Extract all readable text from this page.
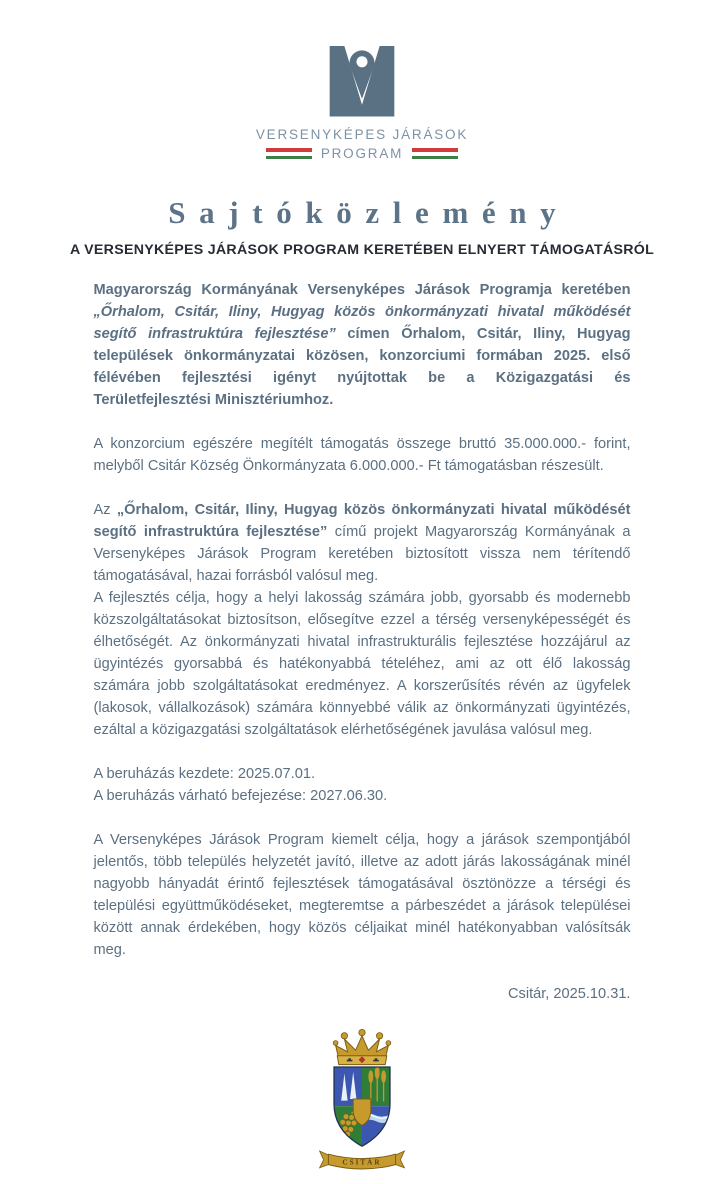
VERSENYKÉPES JÁRÁSOK
PROGRAM
Sajtóközlemény
A VERSENYKÉPES JÁRÁSOK PROGRAM KERETÉBEN ELNYERT TÁMOGATÁSRÓL

Magyarország Kormányának Versenyképes Járások Programja keretében „Őrhalom, Csitár, Iliny, Hugyag közös önkormányzati hivatal működését segítő infrastruktúra fejlesztése” címen Őrhalom, Csitár, Iliny, Hugyag települések önkormányzatai közösen, konzorciumi formában 2025. első félévében fejlesztési igényt nyújtottak be a Közigazgatási és Területfejlesztési Minisztériumhoz.

A konzorcium egészére megítélt támogatás összege bruttó 35.000.000.- forint, melyből Csitár Község Önkormányzata 6.000.000.- Ft támogatásban részesült.

Az „Őrhalom, Csitár, Iliny, Hugyag közös önkormányzati hivatal működését segítő infrastruktúra fejlesztése” című projekt Magyarország Kormányának a Versenyképes Járások Program keretében biztosított vissza nem térítendő támogatásával, hazai forrásból valósul meg.

A fejlesztés célja, hogy a helyi lakosság számára jobb, gyorsabb és modernebb közszolgáltatásokat biztosítson, elősegítve ezzel a térség versenyképességét és élhetőségét. Az önkormányzati hivatal infrastrukturális fejlesztése hozzájárul az ügyintézés gyorsabbá és hatékonyabbá tételéhez, ami az ott élő lakosság számára jobb szolgáltatásokat eredményez. A korszerűsítés révén az ügyfelek (lakosok, vállalkozások) számára könnyebbé válik az önkormányzati ügyintézés, ezáltal a közigazgatási szolgáltatások elérhetőségének javulása valósul meg.

A beruházás kezdete: 2025.07.01.

A beruházás várható befejezése: 2027.06.30.

A Versenyképes Járások Program kiemelt célja, hogy a járások szempontjából jelentős, több település helyzetét javító, illetve az adott járás lakosságának minél nagyobb hányadát érintő fejlesztések támogatásával ösztönözze a térségi és települési együttműködéseket, megteremtse a párbeszédet a járások települései között annak érdekében, hogy közös céljaikat minél hatékonyabban valósítsák meg.

Csitár, 2025.10.31.

CSITÁR
